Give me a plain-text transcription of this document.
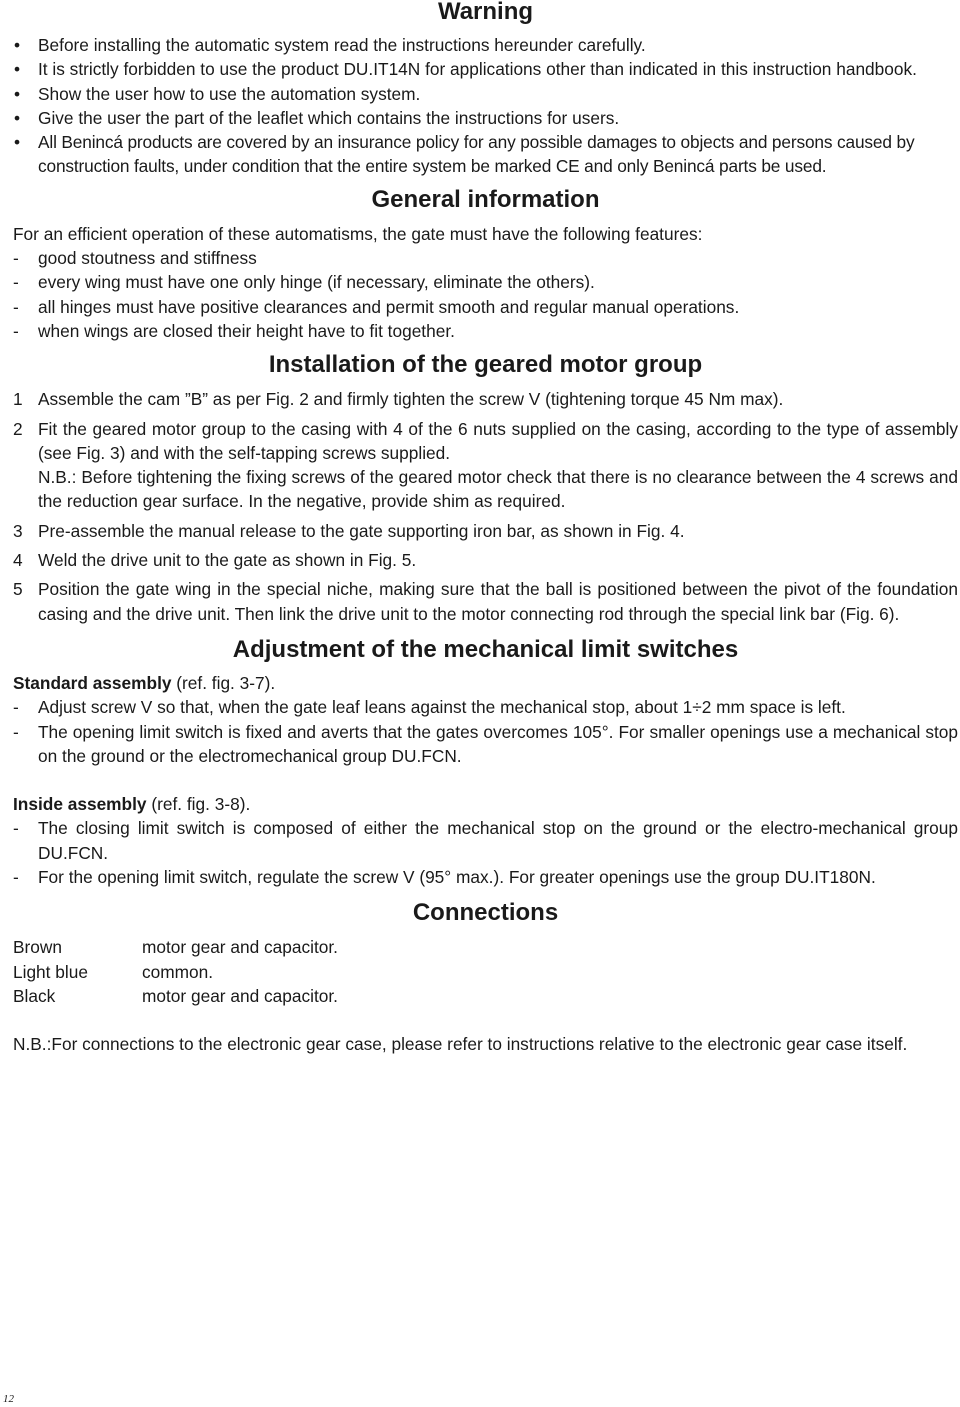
Warning
• Before installing the automatic system read the instructions hereunder carefully.
• It is strictly forbidden to use the product DU.IT14N for applications other than indicated in this instruction handbook.
• Show the user how to use the automation system.
• Give the user the part of the leaflet which contains the instructions for users.
• All Benincá products are covered by an insurance policy for any possible damages to objects and persons caused by construction faults, under condition that the entire system be marked CE and only Benincá parts be used.
General information

For an efficient operation of these automatisms, the gate must have the following features:

- good stoutness and stiffness
- every wing must have one only hinge (if necessary, eliminate the others).
- all hinges must have positive clearances and permit smooth and regular manual operations.
- when wings are closed their height have to fit together.
Installation of the geared motor group
1 Assemble the cam ”B” as per Fig. 2 and firmly tighten the screw V (tightening torque 45 Nm max).
2 Fit the geared motor group to the casing with 4 of the 6 nuts supplied on the casing, according to the type of assembly (see Fig. 3) and with the self-tapping screws supplied.
N.B.: Before tightening the fixing screws of the geared motor check that there is no clearance between the 4 screws and the reduction gear surface. In the negative, provide shim as required.
3 Pre-assemble the manual release to the gate supporting iron bar, as shown in Fig. 4.
4 Weld the drive unit to the gate as shown in Fig. 5.
5 Position the gate wing in the special niche, making sure that the ball is positioned between the pivot of the foundation casing and the drive unit. Then link the drive unit to the motor connecting rod through the special link bar (Fig. 6).
Adjustment of the mechanical limit switches

Standard assembly (ref. fig. 3-7).

- Adjust screw V so that, when the gate leaf leans against the mechanical stop, about 1÷2 mm space is left.
- The opening limit switch is fixed and averts that the gates overcomes 105°. For smaller openings use a mechanical stop on the ground or the electromechanical group DU.FCN.

Inside assembly (ref. fig. 3-8).

- The closing limit switch is composed of either the mechanical stop on the ground or the electro-mechanical group DU.FCN.
- For the opening limit switch, regulate the screw V (95° max.). For greater openings use the group DU.IT180N.
Connections
Brown	motor gear and capacitor.
Light blue	common.
Black	motor gear and capacitor.

N.B.:For connections to the electronic gear case, please refer to instructions relative to the electronic gear case itself.

12
